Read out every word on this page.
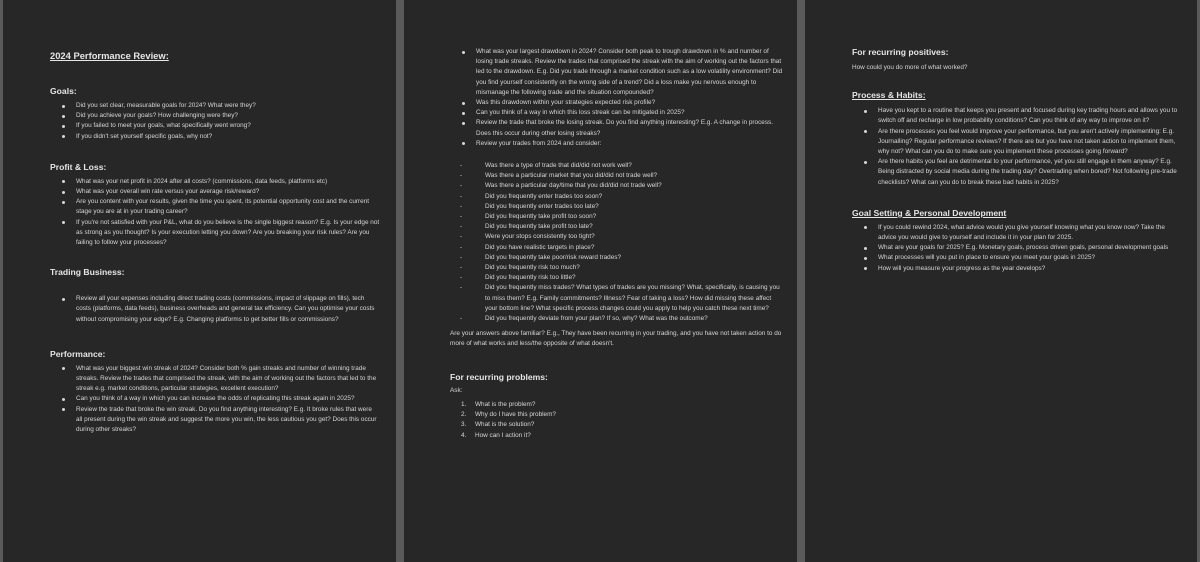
2024 Performance Review:

Goals:

Did you set clear, measurable goals for 2024? What were they?
Did you achieve your goals? How challenging were they?
If you failed to meet your goals, what specifically went wrong?
If you didn't set yourself specific goals, why not?

Profit & Loss:

What was your net profit in 2024 after all costs? (commissions, data feeds, platforms etc)
What was your overall win rate versus your average risk/reward?
Are you content with your results, given the time you spent, its potential opportunity cost and the current stage you are at in your trading career?
If you're not satisfied with your P&L, what do you believe is the single biggest reason? E.g. Is your edge not as strong as you thought? Is your execution letting you down? Are you breaking your risk rules? Are you failing to follow your processes?

Trading Business:

Review all your expenses including direct trading costs (commissions, impact of slippage on fills), tech costs (platforms, data feeds), business overheads and general tax efficiency. Can you optimise your costs without compromising your edge? E.g. Changing platforms to get better fills or commissions?

Performance:

What was your biggest win streak of 2024? Consider both % gain streaks and number of winning trade streaks. Review the trades that comprised the streak, with the aim of working out the factors that led to the streak e.g. market conditions, particular strategies, excellent execution?
Can you think of a way in which you can increase the odds of replicating this streak again in 2025?
Review the trade that broke the win streak. Do you find anything interesting? E.g. It broke rules that were all present during the win streak and suggest the more you win, the less cautious you get? Does this occur during other streaks?
What was your largest drawdown in 2024? Consider both peak to trough drawdown in % and number of losing trade streaks. Review the trades that comprised the streak with the aim of working out the factors that led to the drawdown. E.g. Did you trade through a market condition such as a low volatility environment? Did you find yourself consistently on the wrong side of a trend? Did a loss make you nervous enough to mismanage the following trade and the situation compounded?
Was this drawdown within your strategies expected risk profile?
Can you think of a way in which this loss streak can be mitigated in 2025?
Review the trade that broke the losing streak. Do you find anything interesting? E.g. A change in process. Does this occur during other losing streaks?
Review your trades from 2024 and consider:
- Was there a type of trade that did/did not work well?
- Was there a particular market that you did/did not trade well?
- Was there a particular day/time that you did/did not trade well?
- Did you frequently enter trades too soon?
- Did you frequently enter trades too late?
- Did you frequently take profit too soon?
- Did you frequently take profit too late?
- Were your stops consistently too tight?
- Did you have realistic targets in place?
- Did you frequently take poor/risk reward trades?
- Did you frequently risk too much?
- Did you frequently risk too little?
- Did you frequently miss trades? What types of trades are you missing? What, specifically, is causing you to miss them? E.g. Family commitments? Illness? Fear of taking a loss? How did missing these affect your bottom line? What specific process changes could you apply to help you catch these next time?
- Did you frequently deviate from your plan? If so, why? What was the outcome?

Are your answers above familiar? E.g., They have been recurring in your trading, and you have not taken action to do more of what works and less/the opposite of what doesn't.

For recurring problems:

Ask:

1. What is the problem?
2. Why do I have this problem?
3. What is the solution?
4. How can I action it?

For recurring positives:

How could you do more of what worked?

Process & Habits:

Have you kept to a routine that keeps you present and focused during key trading hours and allows you to switch off and recharge in low probability conditions? Can you think of any way to improve on it?
Are there processes you feel would improve your performance, but you aren't actively implementing: E.g. Journalling? Regular performance reviews? If there are but you have not taken action to implement them, why not? What can you do to make sure you implement these processes going forward?
Are there habits you feel are detrimental to your performance, yet you still engage in them anyway? E.g. Being distracted by social media during the trading day? Overtrading when bored? Not following pre-trade checklists? What can you do to break these bad habits in 2025?

Goal Setting & Personal Development

If you could rewind 2024, what advice would you give yourself knowing what you know now? Take the advice you would give to yourself and include it in your plan for 2025.
What are your goals for 2025? E.g. Monetary goals, process driven goals, personal development goals
What processes will you put in place to ensure you meet your goals in 2025?
How will you measure your progress as the year develops?
